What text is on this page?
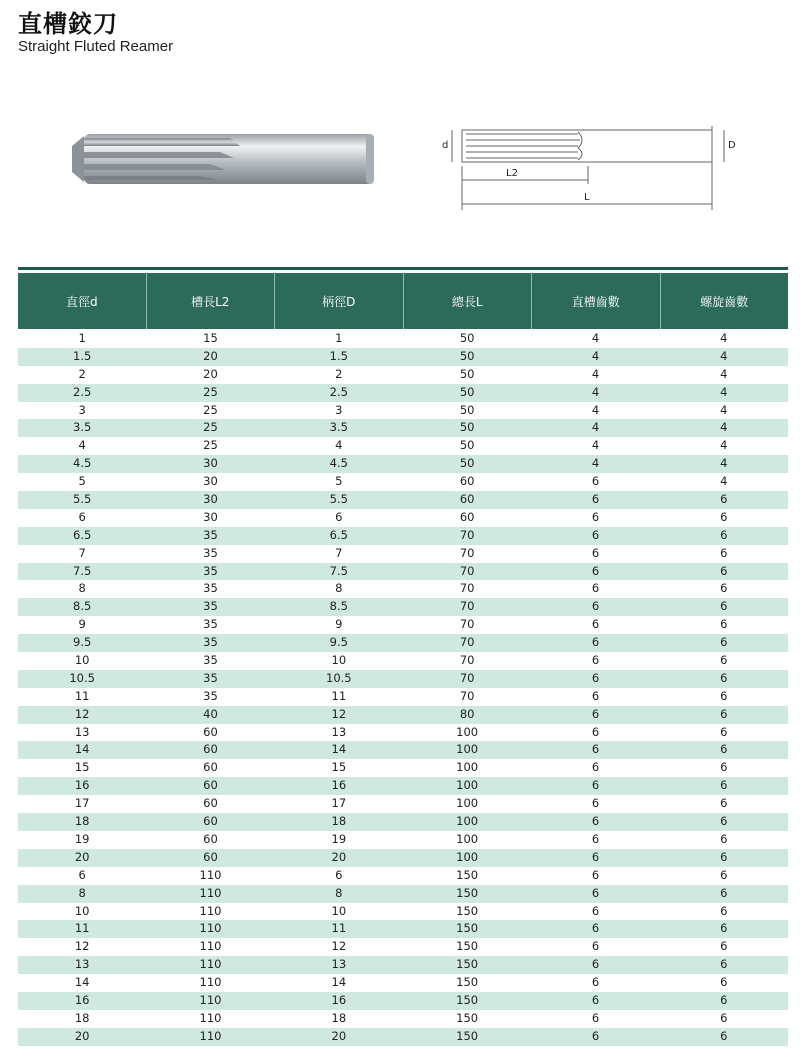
直槽鉸刀
Straight Fluted Reamer
d	D
L2
L
直徑d	槽長L2	柄徑D	總長L	直槽齒數	螺旋齒數
1	15	1	50	4	4
1.5	20	1.5	50	4	4
2	20	2	50	4	4
2.5	25	2.5	50	4	4
3	25	3	50	4	4
3.5	25	3.5	50	4	4
4	25	4	50	4	4
4.5	30	4.5	50	4	4
5	30	5	60	6	4
5.5	30	5.5	60	6	6
6	30	6	60	6	6
6.5	35	6.5	70	6	6
7	35	7	70	6	6
7.5	35	7.5	70	6	6
8	35	8	70	6	6
8.5	35	8.5	70	6	6
9	35	9	70	6	6
9.5	35	9.5	70	6	6
10	35	10	70	6	6
10.5	35	10.5	70	6	6
11	35	11	70	6	6
12	40	12	80	6	6
13	60	13	100	6	6
14	60	14	100	6	6
15	60	15	100	6	6
16	60	16	100	6	6
17	60	17	100	6	6
18	60	18	100	6	6
19	60	19	100	6	6
20	60	20	100	6	6
6	110	6	150	6	6
8	110	8	150	6	6
10	110	10	150	6	6
11	110	11	150	6	6
12	110	12	150	6	6
13	110	13	150	6	6
14	110	14	150	6	6
16	110	16	150	6	6
18	110	18	150	6	6
20	110	20	150	6	6
